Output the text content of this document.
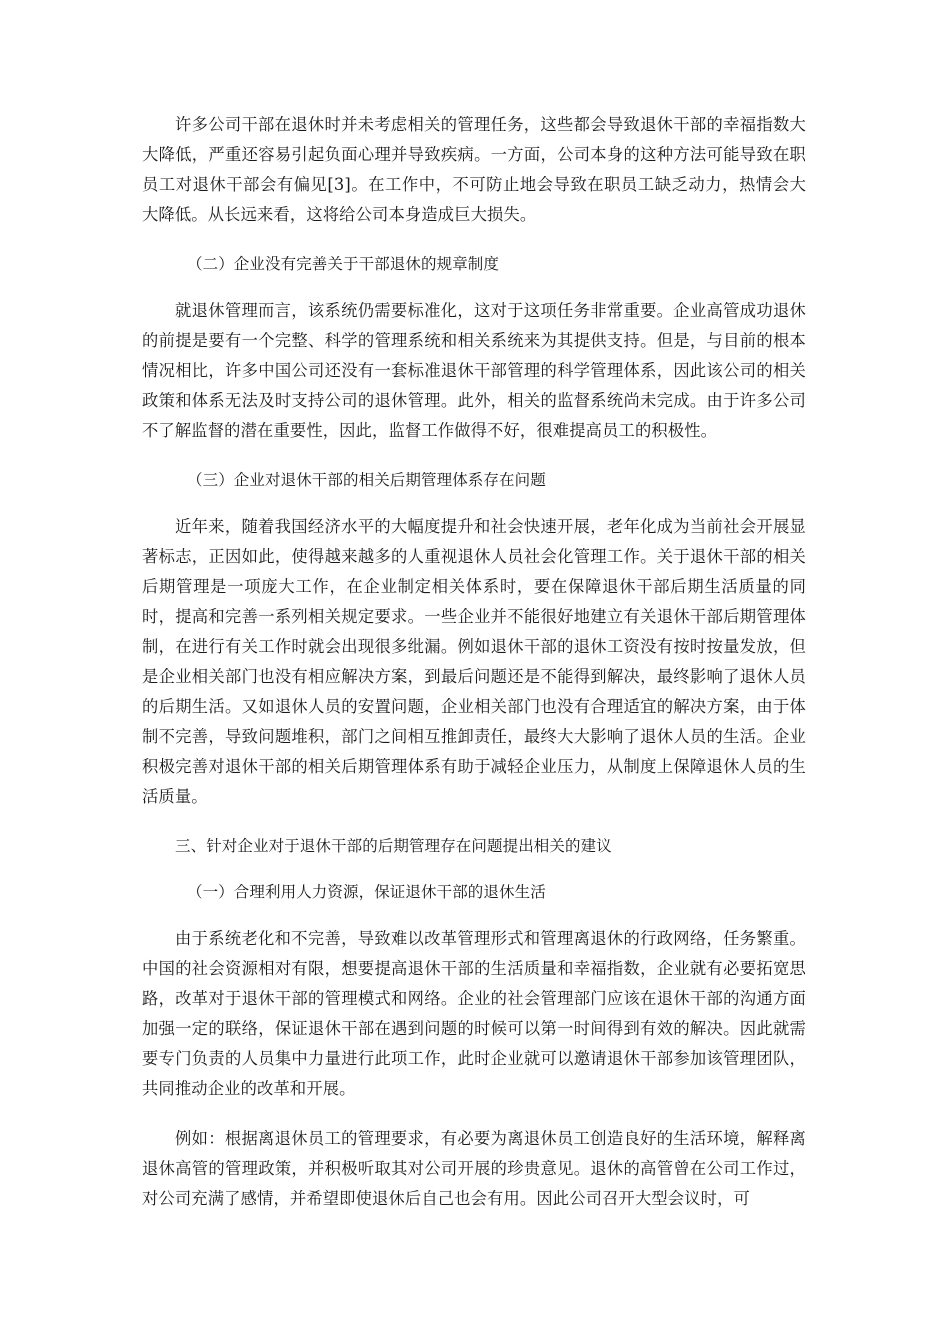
许多公司干部在退休时并未考虑相关的管理任务，这些都会导致退休干部的幸福指数大大降低，严重还容易引起负面心理并导致疾病。一方面，公司本身的这种方法可能导致在职员工对退休干部会有偏见[3]。在工作中，不可防止地会导致在职员工缺乏动力，热情会大大降低。从长远来看，这将给公司本身造成巨大损失。

（二）企业没有完善关于干部退休的规章制度

就退休管理而言，该系统仍需要标准化，这对于这项任务非常重要。企业高管成功退休的前提是要有一个完整、科学的管理系统和相关系统来为其提供支持。但是，与目前的根本情况相比，许多中国公司还没有一套标准退休干部管理的科学管理体系，因此该公司的相关政策和体系无法及时支持公司的退休管理。此外，相关的监督系统尚未完成。由于许多公司不了解监督的潜在重要性，因此，监督工作做得不好，很难提高员工的积极性。

（三）企业对退休干部的相关后期管理体系存在问题

近年来，随着我国经济水平的大幅度提升和社会快速开展，老年化成为当前社会开展显著标志，正因如此，使得越来越多的人重视退休人员社会化管理工作。关于退休干部的相关后期管理是一项庞大工作，在企业制定相关体系时，要在保障退休干部后期生活质量的同时，提高和完善一系列相关规定要求。一些企业并不能很好地建立有关退休干部后期管理体制，在进行有关工作时就会出现很多纰漏。例如退休干部的退休工资没有按时按量发放，但是企业相关部门也没有相应解决方案，到最后问题还是不能得到解决，最终影响了退休人员的后期生活。又如退休人员的安置问题，企业相关部门也没有合理适宜的解决方案，由于体制不完善，导致问题堆积，部门之间相互推卸责任，最终大大影响了退休人员的生活。企业积极完善对退休干部的相关后期管理体系有助于减轻企业压力，从制度上保障退休人员的生活质量。

三、针对企业对于退休干部的后期管理存在问题提出相关的建议

（一）合理利用人力资源，保证退休干部的退休生活

由于系统老化和不完善，导致难以改革管理形式和管理离退休的行政网络，任务繁重。中国的社会资源相对有限，想要提高退休干部的生活质量和幸福指数，企业就有必要拓宽思路，改革对于退休干部的管理模式和网络。企业的社会管理部门应该在退休干部的沟通方面加强一定的联络，保证退休干部在遇到问题的时候可以第一时间得到有效的解决。因此就需要专门负责的人员集中力量进行此项工作，此时企业就可以邀请退休干部参加该管理团队，共同推动企业的改革和开展。

例如：根据离退休员工的管理要求，有必要为离退休员工创造良好的生活环境，解释离退休高管的管理政策，并积极听取其对公司开展的珍贵意见。退休的高管曾在公司工作过，对公司充满了感情，并希望即使退休后自己也会有用。因此公司召开大型会议时，可
